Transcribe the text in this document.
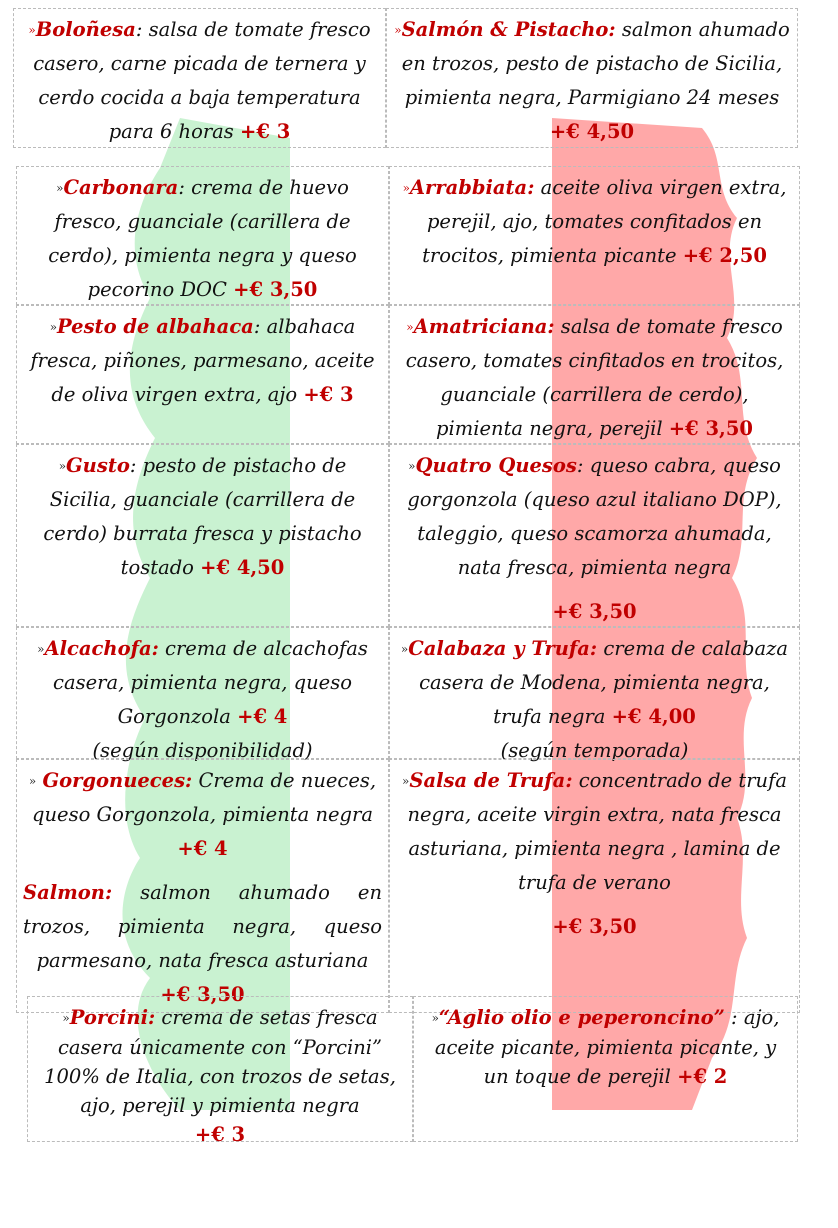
»Boloñesa: salsa de tomate fresco casero, carne picada de ternera y cerdo cocida a baja temperatura para 6 horas +€ 3
»Salmón & Pistacho: salmon ahumado en trozos, pesto de pistacho de Sicilia, pimienta negra, Parmigiano 24 meses
+€ 4,50
»Carbonara: crema de huevo fresco, guanciale (carillera de cerdo), pimienta negra y queso pecorino DOC +€ 3,50
»Arrabbiata: aceite oliva virgen extra, perejil, ajo, tomates confitados en trocitos, pimienta picante +€ 2,50
»Pesto de albahaca: albahaca fresca, piñones, parmesano, aceite de oliva virgen extra, ajo +€ 3
»Amatriciana: salsa de tomate fresco casero, tomates cinfitados en trocitos, guanciale (carrillera de cerdo), pimienta negra, perejil +€ 3,50
»Gusto: pesto de pistacho de Sicilia, guanciale (carrillera de cerdo) burrata fresca y pistacho tostado +€ 4,50
»Quatro Quesos: queso cabra, queso gorgonzola (queso azul italiano DOP), taleggio, queso scamorza ahumada, nata fresca, pimienta negra
+€ 3,50
»Alcachofa: crema de alcachofas casera, pimienta negra, queso Gorgonzola +€ 4
(según disponibilidad)
»Calabaza y Trufa: crema de calabaza casera de Modena, pimienta negra, trufa negra +€ 4,00
(según temporada)
» Gorgonueces: Crema de nueces, queso Gorgonzola, pimienta negra +€ 4
Salmon: salmon ahumado en trozos, pimienta negra, queso parmesano, nata fresca asturiana
+€ 3,50
»Salsa de Trufa: concentrado de trufa negra, aceite virgin extra, nata fresca asturiana, pimienta negra , lamina de trufa de verano
+€ 3,50
»Porcini: crema de setas fresca casera únicamente con “Porcini” 100% de Italia, con trozos de setas, ajo, perejil y pimienta negra
+€ 3
»“Aglio olio e peperoncino” : ajo, aceite picante, pimienta picante, y un toque de perejil +€ 2
